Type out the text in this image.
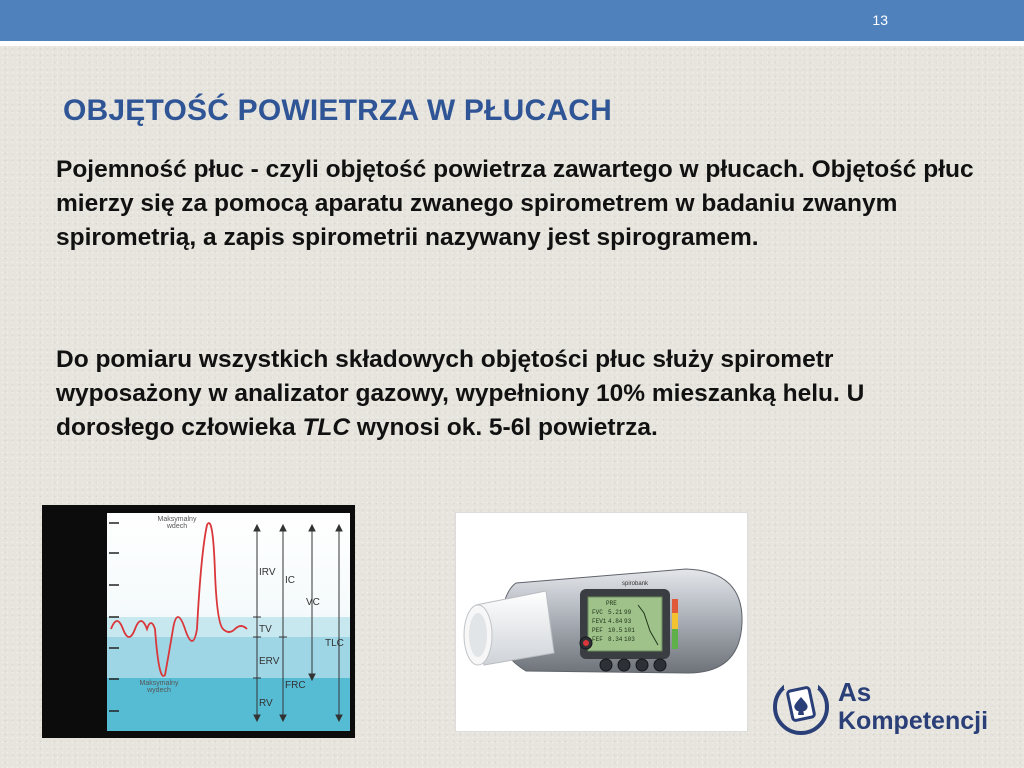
13
OBJĘTOŚĆ POWIETRZA W PŁUCACH

Pojemność płuc - czyli objętość powietrza zawartego w płucach. Objętość płuc mierzy się za pomocą aparatu zwanego spirometrem w badaniu zwanym spirometrią, a zapis spirometrii nazywany jest spirogramem.

Do pomiaru wszystkich składowych objętości płuc służy spirometr wyposażony w analizator gazowy, wypełniony 10% mieszanką helu. U dorosłego człowieka TLC wynosi ok. 5-6l powietrza.

IRV
TV
ERV
RV
IC
FRC
VC
TLC
Maksymalny
wdech
Maksymalny
wydech
PRE
FVC 5.21 99
FEV1 4.84 93
PEF 10.5 101
FEF 8.34 103
spirobank
As
Kompetencji
